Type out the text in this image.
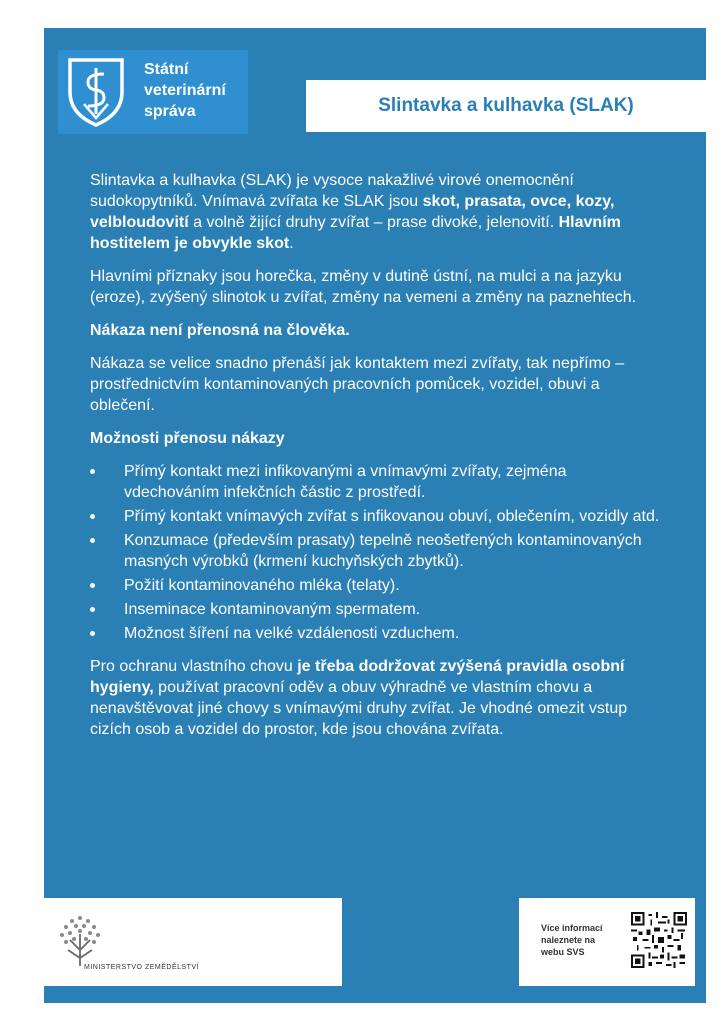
Státní
veterinární
správa	Slintavka a kulhavka (SLAK)

Slintavka a kulhavka (SLAK) je vysoce nakažlivé virové onemocnění sudokopytníků. Vnímavá zvířata ke SLAK jsou skot, prasata, ovce, kozy, velbloudovití a volně žijící druhy zvířat – prase divoké, jelenovití. Hlavním hostitelem je obvykle skot.

Hlavními příznaky jsou horečka, změny v dutině ústní, na mulci a na jazyku (eroze), zvýšený slinotok u zvířat, změny na vemeni a změny na paznehtech.

Nákaza není přenosná na člověka.

Nákaza se velice snadno přenáší jak kontaktem mezi zvířaty, tak nepřímo – prostřednictvím kontaminovaných pracovních pomůcek, vozidel, obuvi a oblečení.

Možnosti přenosu nákazy

Přímý kontakt mezi infikovanými a vnímavými zvířaty, zejména vdechováním infekčních částic z prostředí.
Přímý kontakt vnímavých zvířat s infikovanou obuví, oblečením, vozidly atd.
Konzumace (především prasaty) tepelně neošetřených kontaminovaných masných výrobků (krmení kuchyňských zbytků).
Požití kontaminovaného mléka (telaty).
Inseminace kontaminovaným spermatem.
Možnost šíření na velké vzdálenosti vzduchem.

Pro ochranu vlastního chovu je třeba dodržovat zvýšená pravidla osobní hygieny, používat pracovní oděv a obuv výhradně ve vlastním chovu a nenavštěvovat jiné chovy s vnímavými druhy zvířat. Je vhodné omezit vstup cizích osob a vozidel do prostor, kde jsou chována zvířata.

MINISTERSTVO ZEMĚDĚLSTVÍ
Více informací
naleznete na
webu SVS
